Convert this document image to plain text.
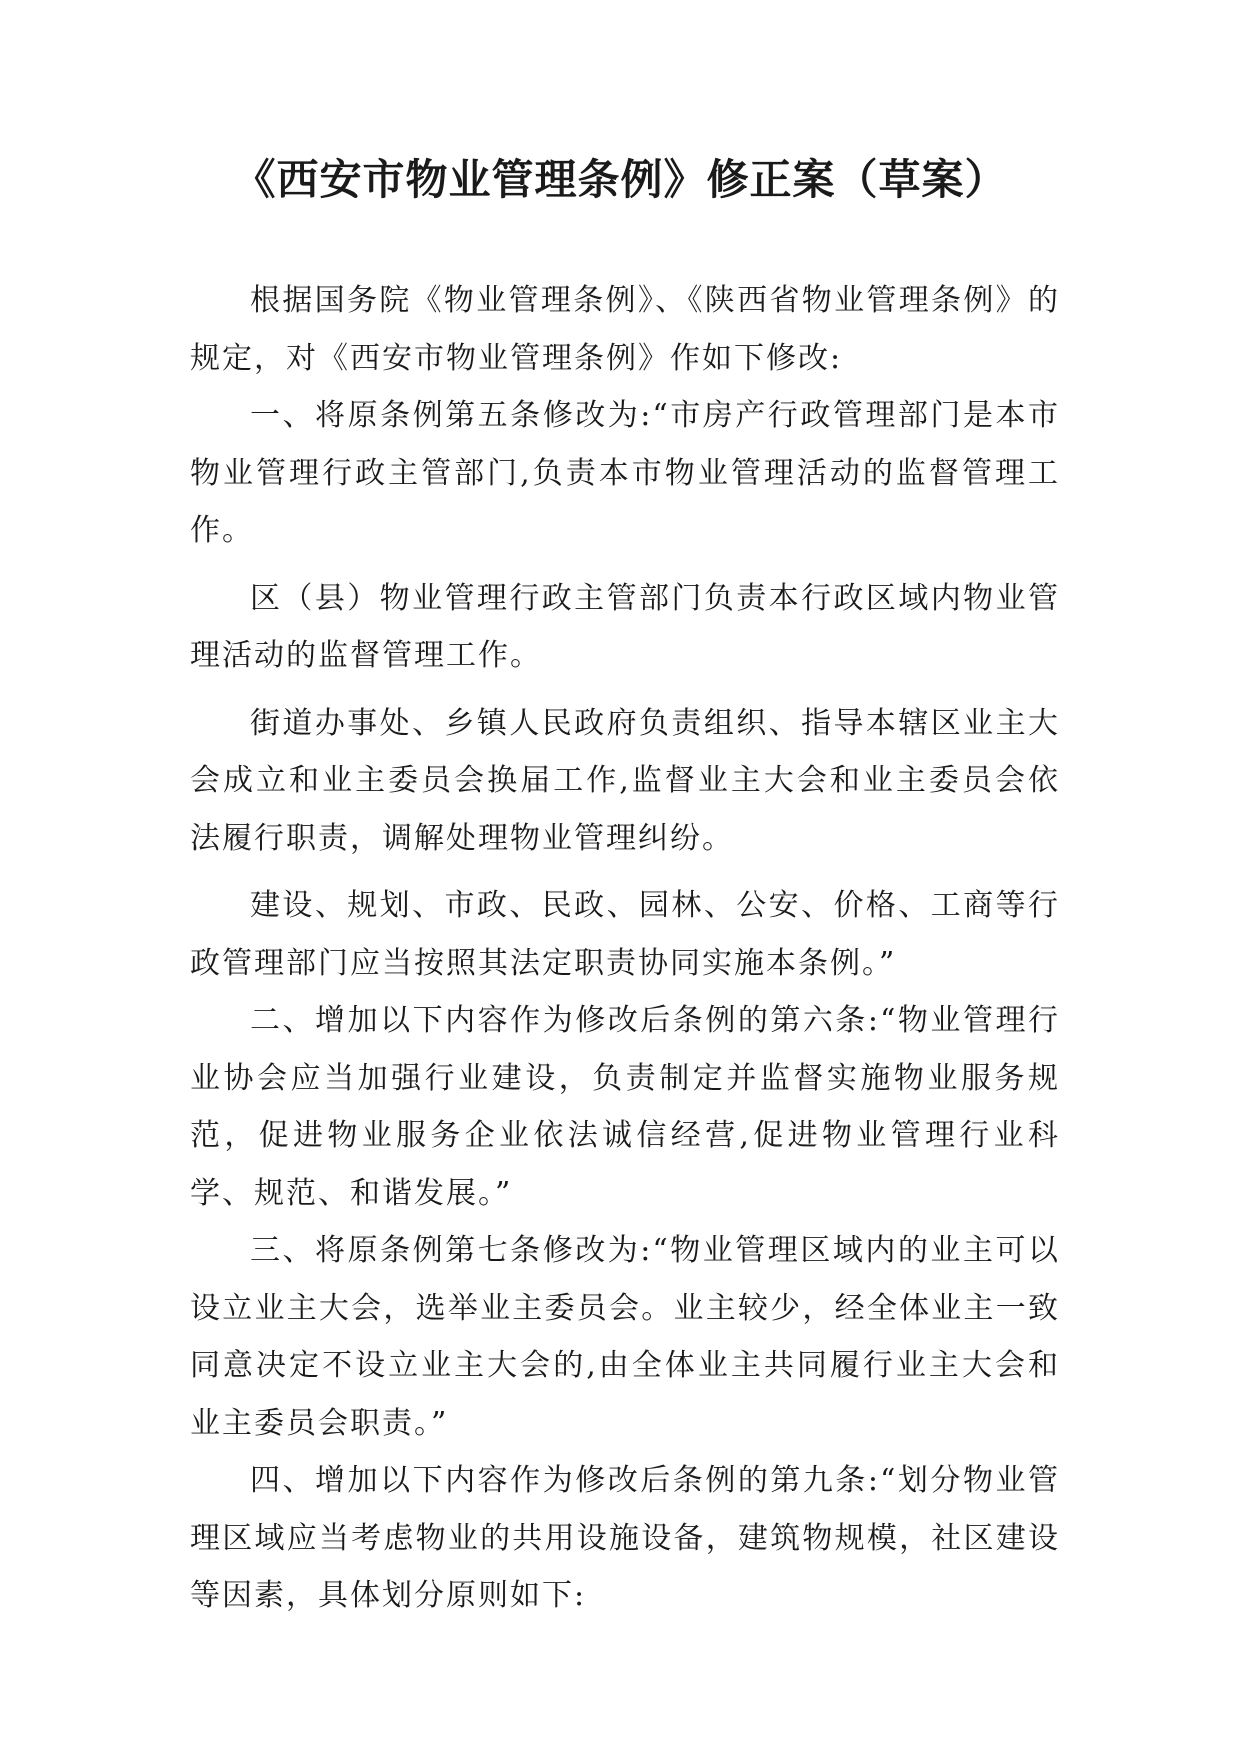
《西安市物业管理条例》修正案（草案）

根据国务院《物业管理条例》、《陕西省物业管理条例》的规定，对《西安市物业管理条例》作如下修改:

一、将原条例第五条修改为:“市房产行政管理部门是本市物业管理行政主管部门,负责本市物业管理活动的监督管理工作。

区（县）物业管理行政主管部门负责本行政区域内物业管理活动的监督管理工作。

街道办事处、乡镇人民政府负责组织、指导本辖区业主大会成立和业主委员会换届工作,监督业主大会和业主委员会依法履行职责，调解处理物业管理纠纷。

建设、规划、市政、民政、园林、公安、价格、工商等行政管理部门应当按照其法定职责协同实施本条例。”

二、增加以下内容作为修改后条例的第六条:“物业管理行业协会应当加强行业建设，负责制定并监督实施物业服务规范，促进物业服务企业依法诚信经营,促进物业管理行业科学、规范、和谐发展。”

三、将原条例第七条修改为:“物业管理区域内的业主可以设立业主大会，选举业主委员会。业主较少，经全体业主一致同意决定不设立业主大会的,由全体业主共同履行业主大会和业主委员会职责。”

四、增加以下内容作为修改后条例的第九条:“划分物业管理区域应当考虑物业的共用设施设备，建筑物规模，社区建设等因素，具体划分原则如下:
